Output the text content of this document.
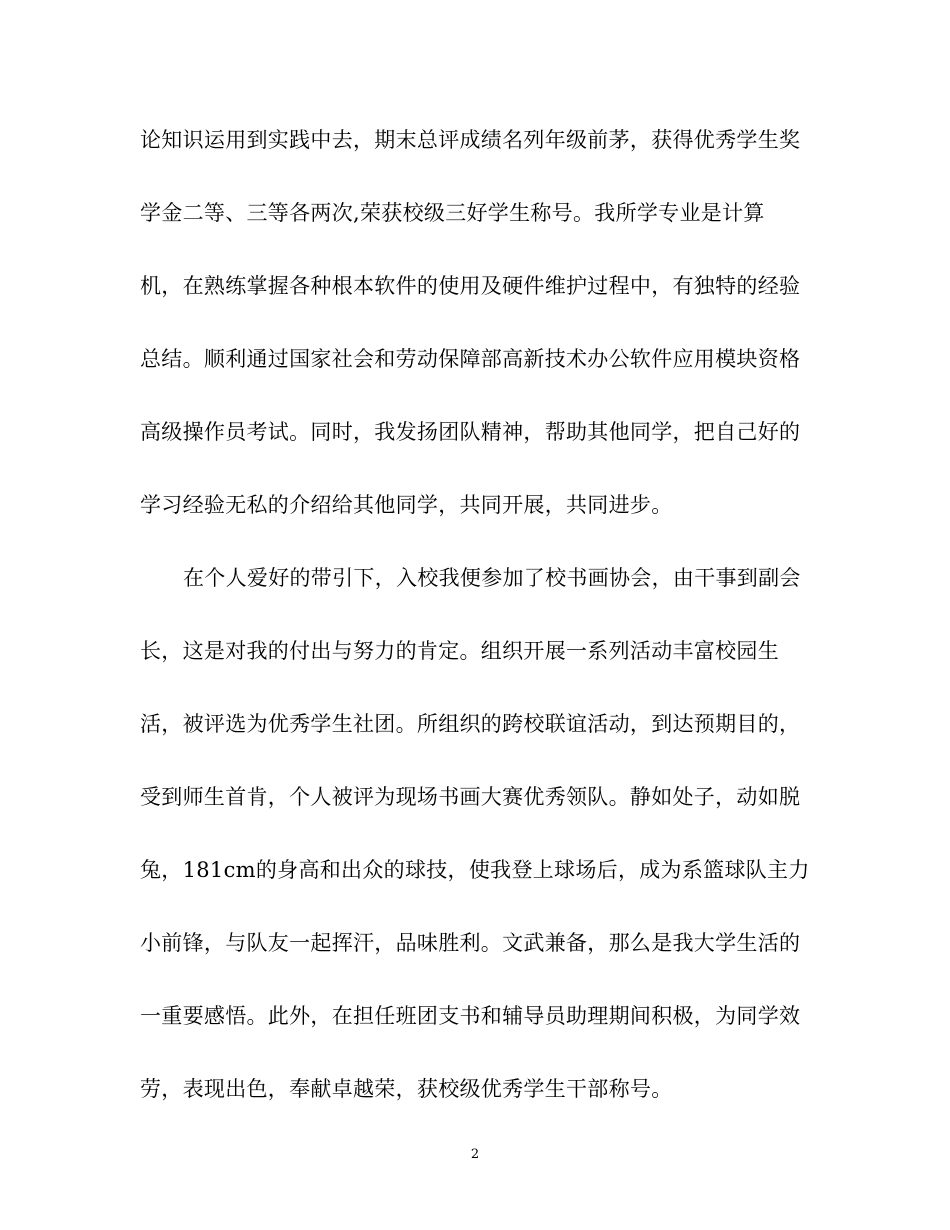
论知识运用到实践中去，期末总评成绩名列年级前茅，获得优秀学生奖
学金二等、三等各两次,荣获校级三好学生称号。我所学专业是计算
机，在熟练掌握各种根本软件的使用及硬件维护过程中，有独特的经验
总结。顺利通过国家社会和劳动保障部高新技术办公软件应用模块资格
高级操作员考试。同时，我发扬团队精神，帮助其他同学，把自己好的
学习经验无私的介绍给其他同学，共同开展，共同进步。
在个人爱好的带引下，入校我便参加了校书画协会，由干事到副会
长，这是对我的付出与努力的肯定。组织开展一系列活动丰富校园生
活，被评选为优秀学生社团。所组织的跨校联谊活动，到达预期目的，
受到师生首肯，个人被评为现场书画大赛优秀领队。静如处子，动如脱
兔，181cm的身高和出众的球技，使我登上球场后，成为系篮球队主力
小前锋，与队友一起挥汗，品味胜利。文武兼备，那么是我大学生活的
一重要感悟。此外，在担任班团支书和辅导员助理期间积极，为同学效
劳，表现出色，奉献卓越荣，获校级优秀学生干部称号。
2
